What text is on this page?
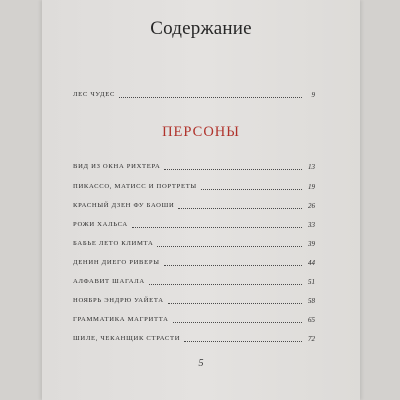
Содержание
ЛЕС ЧУДЕС	9
ПЕРСОНЫ
ВИД ИЗ ОКНА РИХТЕРА	13
ПИКАССО, МАТИСС И ПОРТРЕТЫ	19
КРАСНЫЙ ДЗЕН ФУ БАОШИ	26
РОЖИ ХАЛЬСА	33
БАБЬЕ ЛЕТО КЛИМТА	39
ДЕНИН ДИЕГО РИВЕРЫ	44
АЛФАВИТ ШАГАЛА	51
НОЯБРЬ ЭНДРЮ УАЙЕТА	58
ГРАММАТИКА МАГРИТТА	65
ШИЛЕ, ЧЕКАНЩИК СТРАСТИ	72
5
